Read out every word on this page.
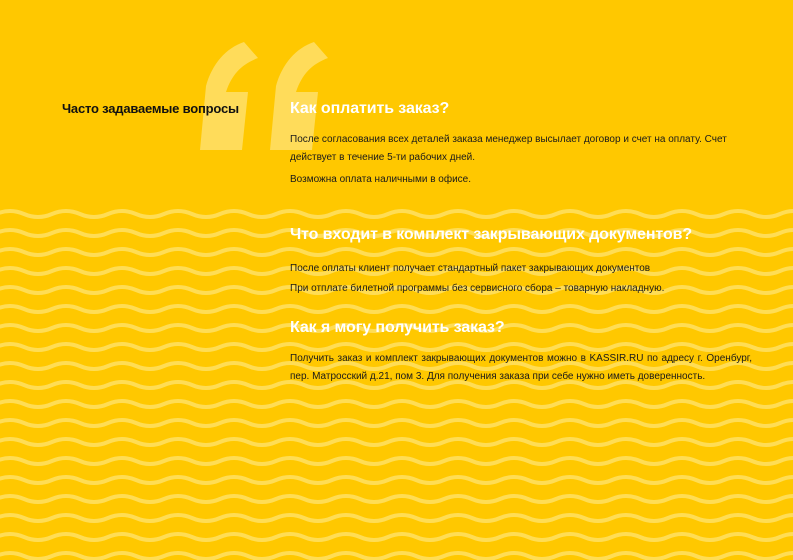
Часто задаваемые вопросы	Как оплатить заказ?

После согласования всех деталей заказа менеджер высылает договор и счет на оплату. Счет действует в течение 5-ти рабочих дней.

Возможна оплата наличными в офисе.

Что входит в комплект закрывающих документов?

После оплаты клиент получает стандартный пакет закрывающих документов

При отплате билетной программы без сервисного сбора – товарную накладную.

Как я могу получить заказ?

Получить заказ и комплект закрывающих документов можно в KASSIR.RU по адресу г. Оренбург, пер. Матросский д.21, пом 3. Для получения заказа при себе нужно иметь доверенность.
